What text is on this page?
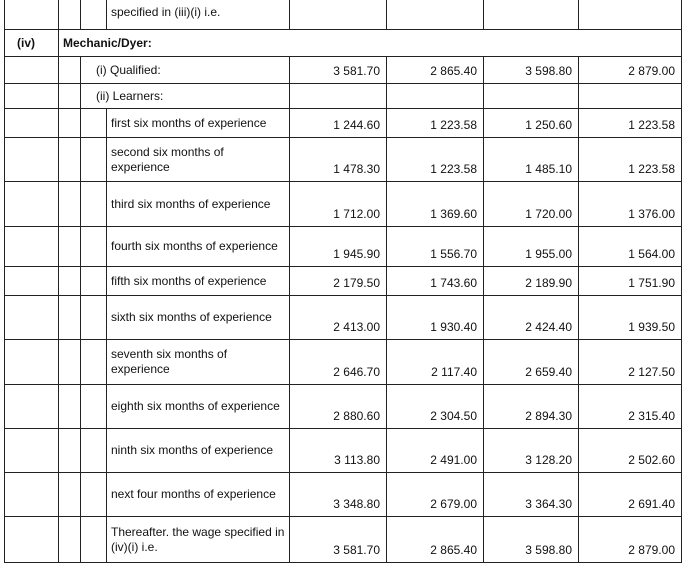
			specified in (iii)(i) i.e.				
(iv)	Mechanic/Dyer:						
		(i) Qualified:		3 581.70	2 865.40	3 598.80	2 879.00
		(ii) Learners:					
			first six months of experience	1 244.60	1 223.58	1 250.60	1 223.58
			second six months of experience	1 478.30	1 223.58	1 485.10	1 223.58
			third six months of experience	1 712.00	1 369.60	1 720.00	1 376.00
			fourth six months of experience	1 945.90	1 556.70	1 955.00	1 564.00
			fifth six months of experience	2 179.50	1 743.60	2 189.90	1 751.90
			sixth six months of experience	2 413.00	1 930.40	2 424.40	1 939.50
			seventh six months of experience	2 646.70	2 117.40	2 659.40	2 127.50
			eighth six months of experience	2 880.60	2 304.50	2 894.30	2 315.40
			ninth six months of experience	3 113.80	2 491.00	3 128.20	2 502.60
			next four months of experience	3 348.80	2 679.00	3 364.30	2 691.40
			Thereafter. the wage specified in (iv)(i) i.e.	3 581.70	2 865.40	3 598.80	2 879.00
